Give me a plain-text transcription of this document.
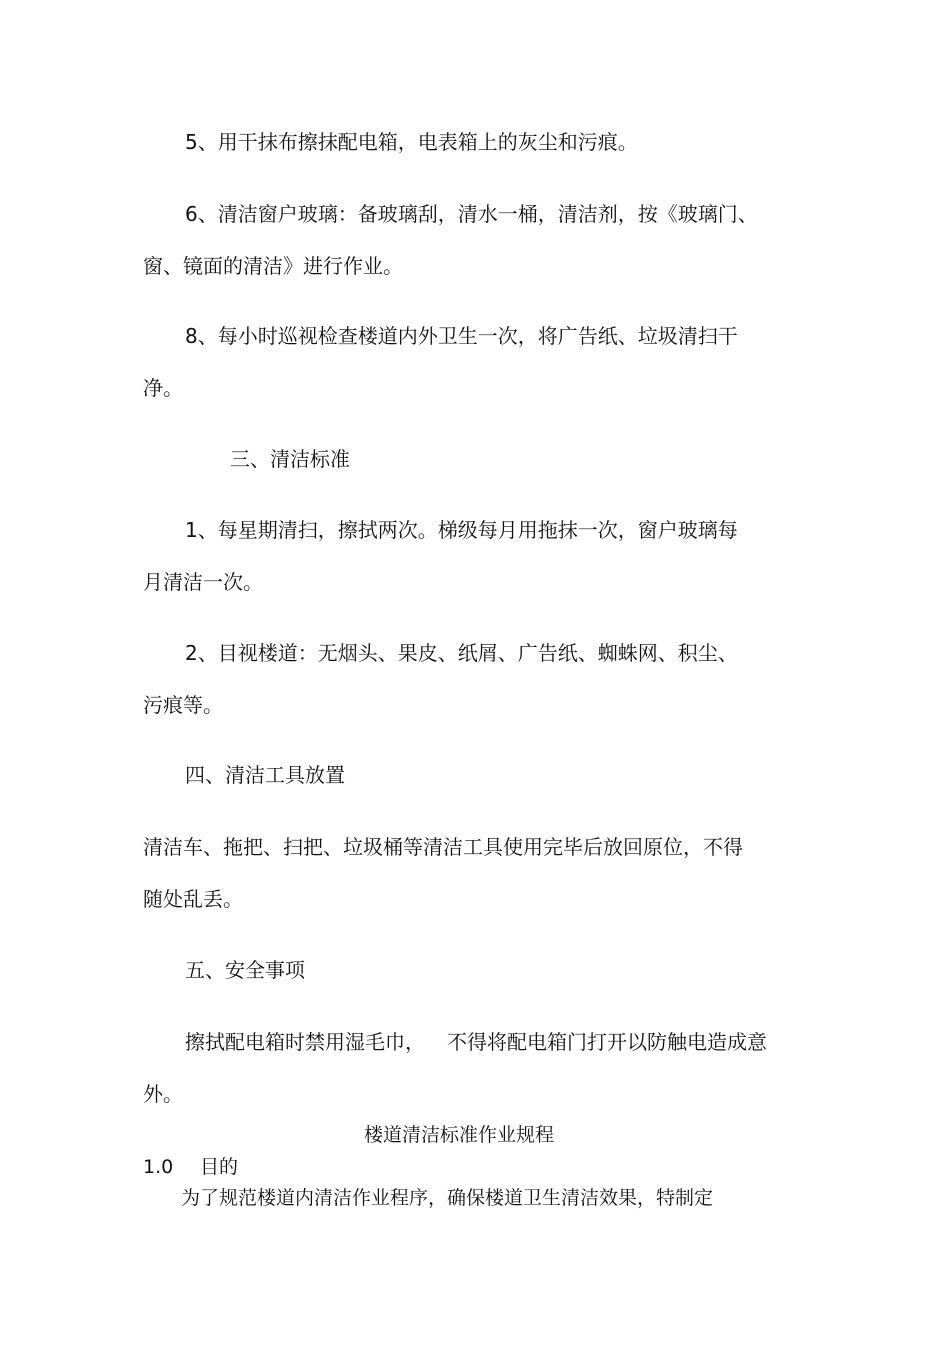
5、用干抹布擦抹配电箱，电表箱上的灰尘和污痕。
6、清洁窗户玻璃：备玻璃刮，清水一桶，清洁剂，按《玻璃门、
窗、镜面的清洁》进行作业。
8、每小时巡视检查楼道内外卫生一次，将广告纸、垃圾清扫干
净。
三、清洁标准
1、每星期清扫，擦拭两次。梯级每月用拖抹一次，窗户玻璃每
月清洁一次。
2、目视楼道：无烟头、果皮、纸屑、广告纸、蜘蛛网、积尘、
污痕等。
四、清洁工具放置
清洁车、拖把、扫把、垃圾桶等清洁工具使用完毕后放回原位，不得
随处乱丢。
五、安全事项
擦拭配电箱时禁用湿毛巾， 不得将配电箱门打开以防触电造成意
外。
楼道清洁标准作业规程
1.0 目的
为了规范楼道内清洁作业程序，确保楼道卫生清洁效果，特制定
